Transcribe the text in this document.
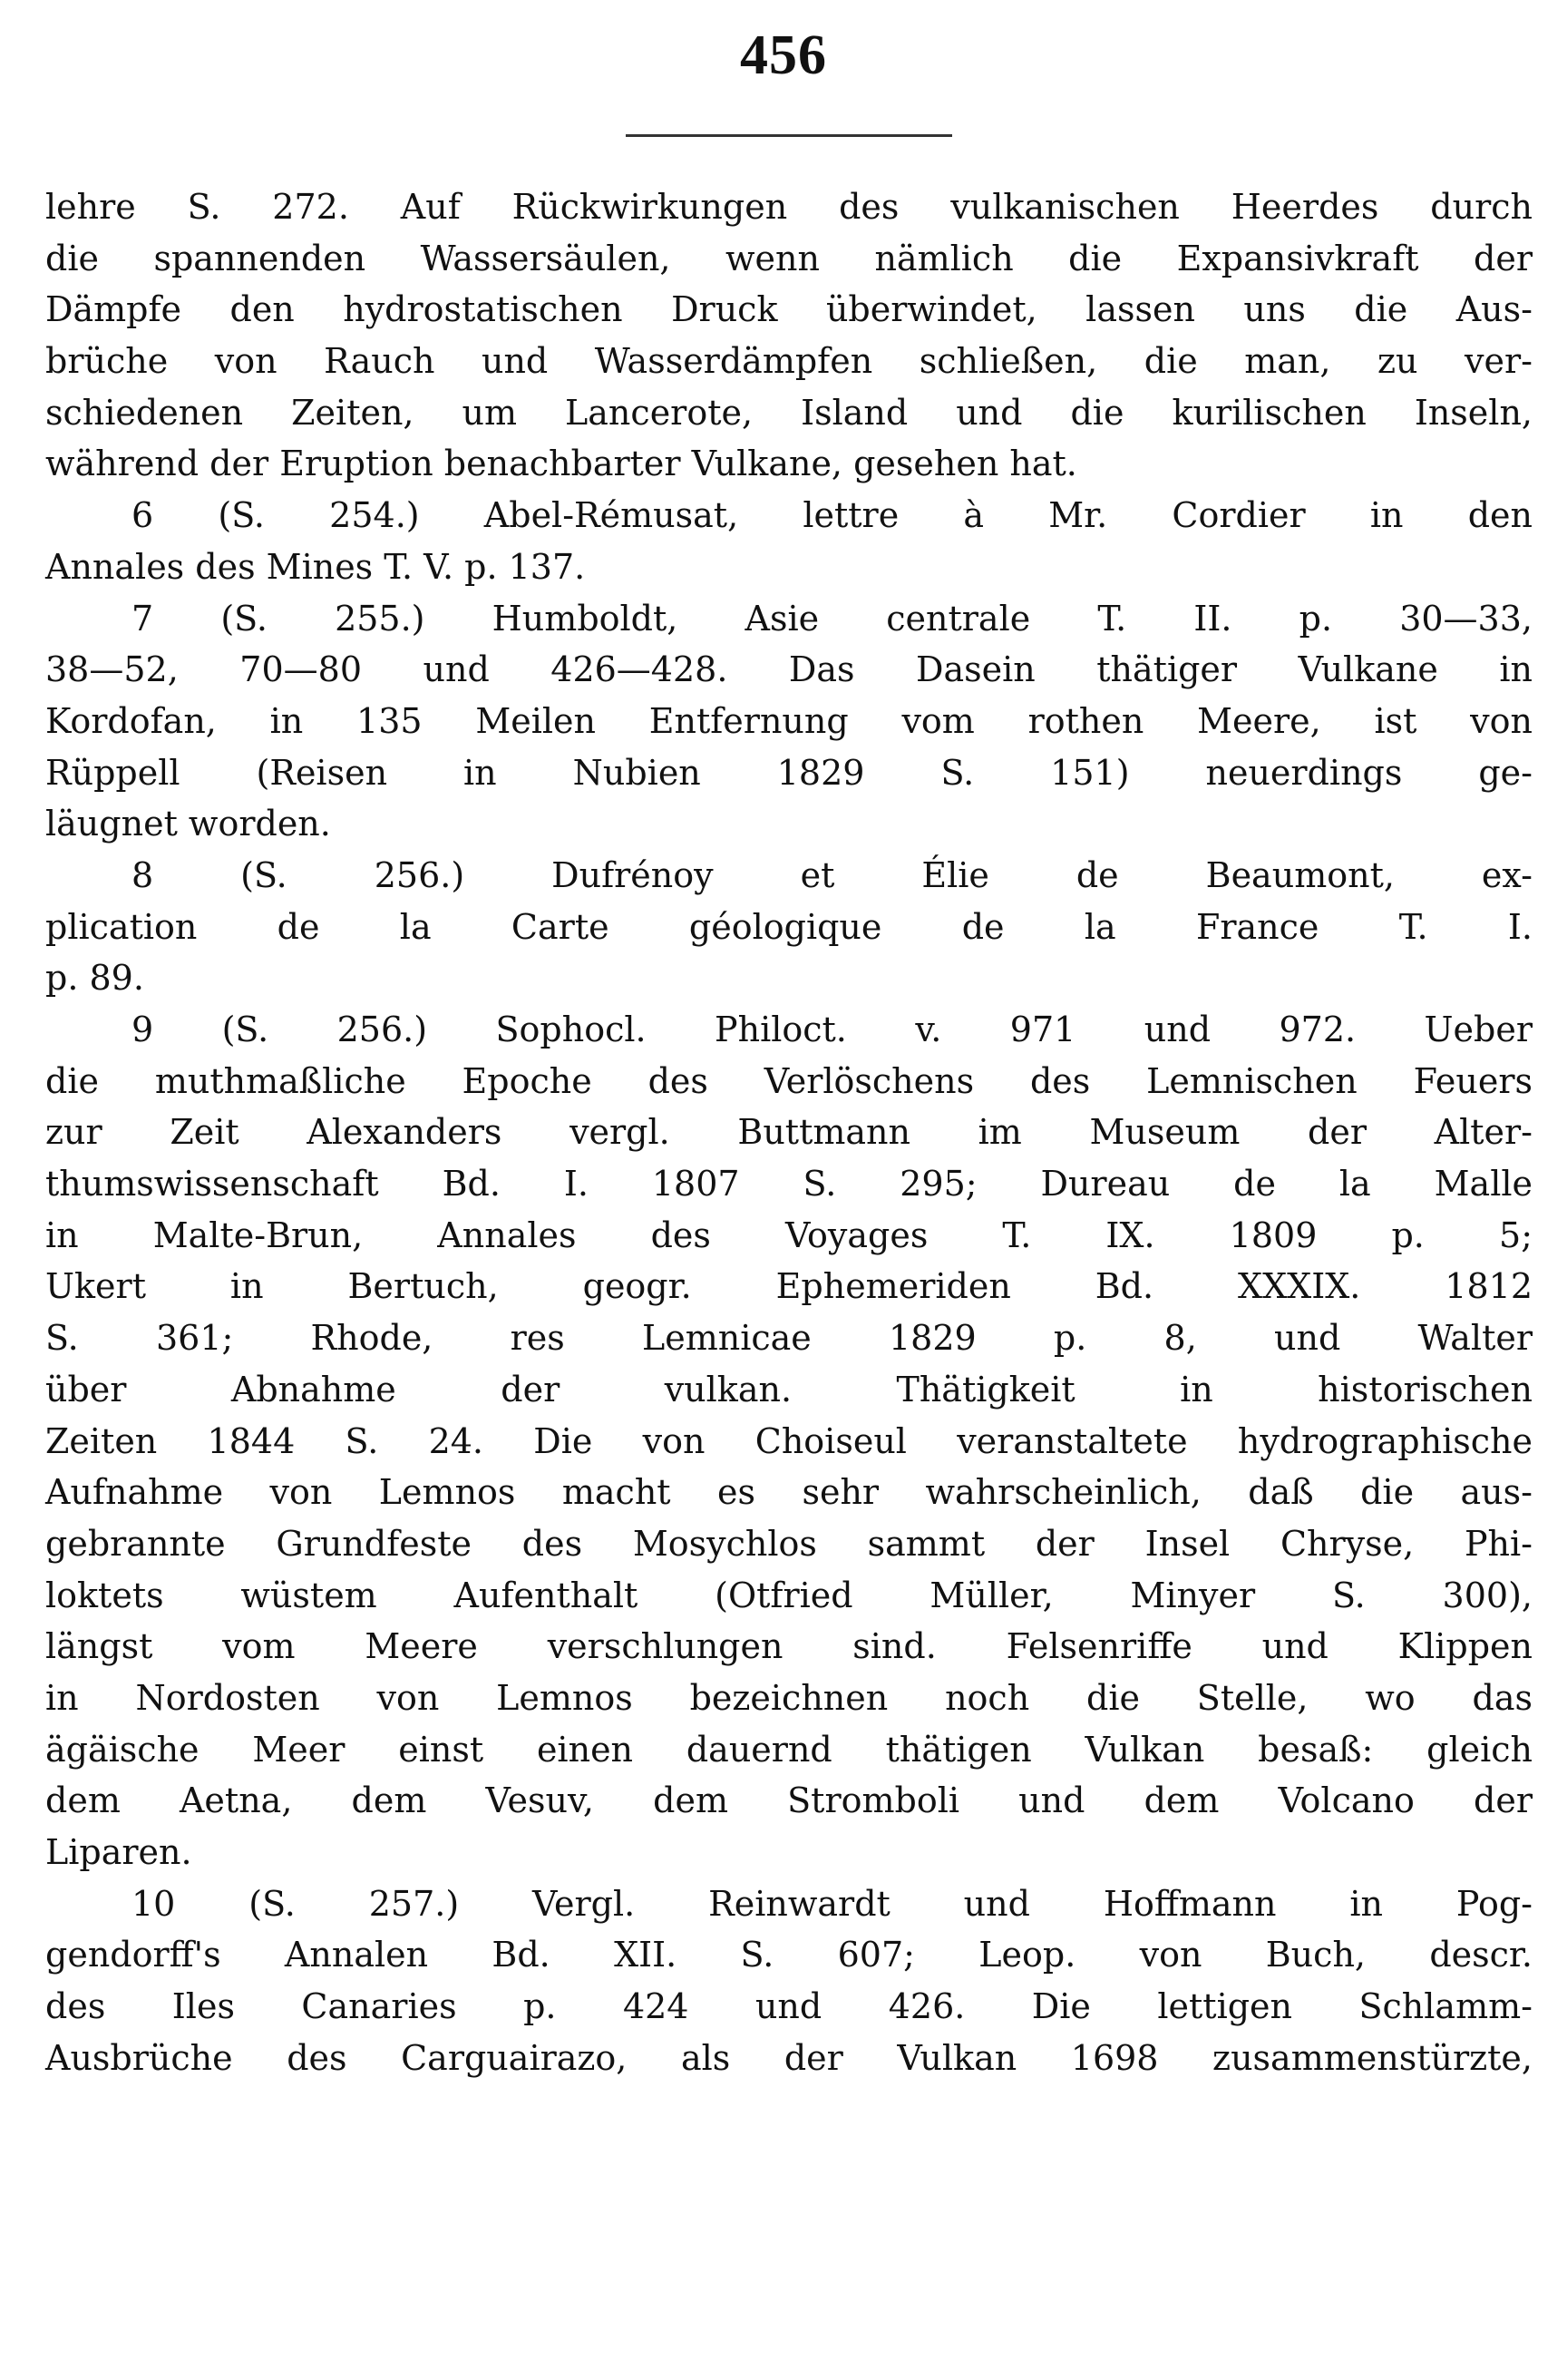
456
lehre S. 272. Auf Rückwirkungen des vulkanischen Heerdes durch
die spannenden Wassersäulen, wenn nämlich die Expansivkraft der
Dämpfe den hydrostatischen Druck überwindet, lassen uns die Aus-
brüche von Rauch und Wasserdämpfen schließen, die man, zu ver-
schiedenen Zeiten, um Lancerote, Island und die kurilischen Inseln,
während der Eruption benachbarter Vulkane, gesehen hat.
6 (S. 254.) Abel-Rémusat, lettre à Mr. Cordier in den
Annales des Mines T. V. p. 137.
7 (S. 255.) Humboldt, Asie centrale T. II. p. 30—33,
38—52, 70—80 und 426—428. Das Dasein thätiger Vulkane in
Kordofan, in 135 Meilen Entfernung vom rothen Meere, ist von
Rüppell (Reisen in Nubien 1829 S. 151) neuerdings ge-
läugnet worden.
8 (S. 256.) Dufrénoy et Élie de Beaumont, ex-
plication de la Carte géologique de la France T. I.
p. 89.
9 (S. 256.) Sophocl. Philoct. v. 971 und 972. Ueber
die muthmaßliche Epoche des Verlöschens des Lemnischen Feuers
zur Zeit Alexanders vergl. Buttmann im Museum der Alter-
thumswissenschaft Bd. I. 1807 S. 295; Dureau de la Malle
in Malte-Brun, Annales des Voyages T. IX. 1809 p. 5;
Ukert in Bertuch, geogr. Ephemeriden Bd. XXXIX. 1812
S. 361; Rhode, res Lemnicae 1829 p. 8, und Walter
über Abnahme der vulkan. Thätigkeit in historischen
Zeiten 1844 S. 24. Die von Choiseul veranstaltete hydrographische
Aufnahme von Lemnos macht es sehr wahrscheinlich, daß die aus-
gebrannte Grundfeste des Mosychlos sammt der Insel Chryse, Phi-
loktets wüstem Aufenthalt (Otfried Müller, Minyer S. 300),
längst vom Meere verschlungen sind. Felsenriffe und Klippen
in Nordosten von Lemnos bezeichnen noch die Stelle, wo das
ägäische Meer einst einen dauernd thätigen Vulkan besaß: gleich
dem Aetna, dem Vesuv, dem Stromboli und dem Volcano der
Liparen.
10 (S. 257.) Vergl. Reinwardt und Hoffmann in Pog-
gendorff's Annalen Bd. XII. S. 607; Leop. von Buch, descr.
des Iles Canaries p. 424 und 426. Die lettigen Schlamm-
Ausbrüche des Carguairazo, als der Vulkan 1698 zusammenstürzte,
